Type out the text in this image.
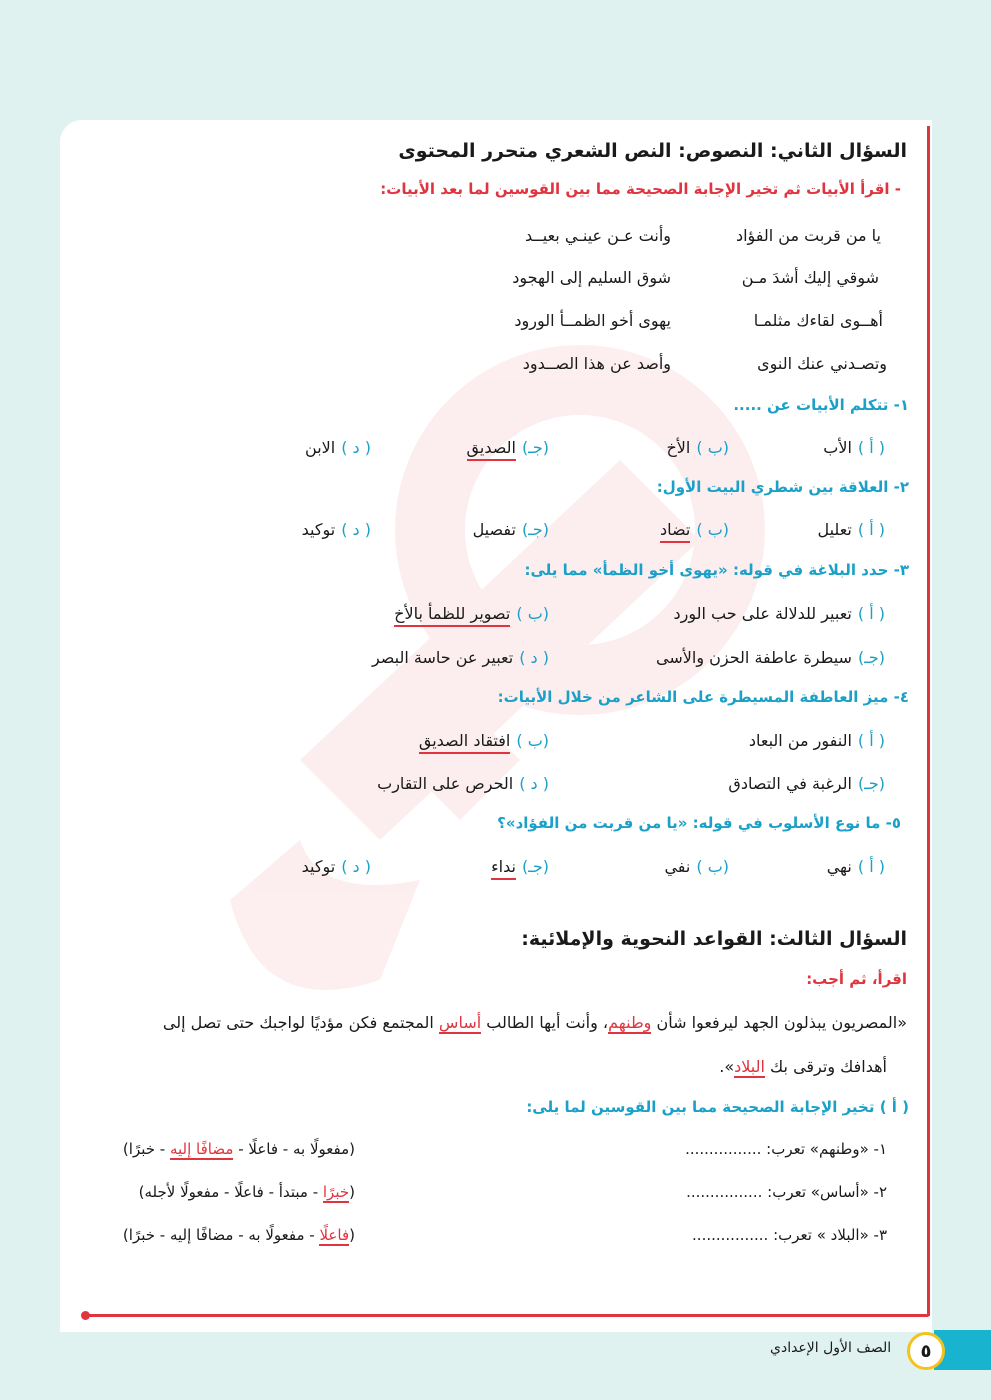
السؤال الثاني: النصوص: النص الشعري متحرر المحتوى
- اقرأ الأبيات ثم تخير الإجابة الصحيحة مما بين القوسين لما بعد الأبيات:
يا من قربت من الفؤاد
وأنت عـن عينـي بعيــد
شوقي إليك أشدَ مـن
شوق السليم إلى الهجود
أهــوى لقاءك مثلمـا
يهوى أخو الظمــأ الورود
وتصـدني عنك النوى
وأصد عن هذا الصــدود
١- تتكلم الأبيات عن .....
( أ )
الأب
(ب )
الأخ
(جـ)
الصديق
( د )
الابن
٢- العلاقة بين شطري البيت الأول:
( أ )
تعليل
(ب )
تضاد
(جـ)
تفصيل
( د )
توكيد
٣- حدد البلاغة في قوله: «يهوى أخو الظمأ» مما يلى:
( أ )
تعبير للدلالة على حب الورد
(ب )
تصوير للظمأ بالأخ
(جـ)
سيطرة عاطفة الحزن والأسى
( د )
تعبير عن حاسة البصر
٤- ميز العاطفة المسيطرة على الشاعر من خلال الأبيات:
( أ )
النفور من البعاد
(ب )
افتقاد الصديق
(جـ)
الرغبة في التصادق
( د )
الحرص على التقارب
٥- ما نوع الأسلوب في قوله: «يا من قربت من الفؤاد»؟
( أ )
نهي
(ب )
نفي
(جـ)
نداء
( د )
توكيد
السؤال الثالث: القواعد النحوية والإملائية:
اقرأ، ثم أجب:
«المصريون يبذلون الجهد ليرفعوا شأن وطنهم، وأنت أيها الطالب أساس المجتمع فكن مؤديًا لواجبك حتى تصل إلى
أهدافك وترقى بك البلاد».
( أ ) تخير الإجابة الصحيحة مما بين القوسين لما يلى:
١- «وطنهم» تعرب: ................
(مفعولًا به - فاعلًا - مضافًا إليه - خبرًا)
٢- «أساس» تعرب: ................
(خبرًا - مبتدأ - فاعلًا - مفعولًا لأجله)
٣- «البلاد » تعرب: ................
(فاعلًا - مفعولًا به - مضافًا إليه - خبرًا)
٥
الصف الأول الإعدادي
